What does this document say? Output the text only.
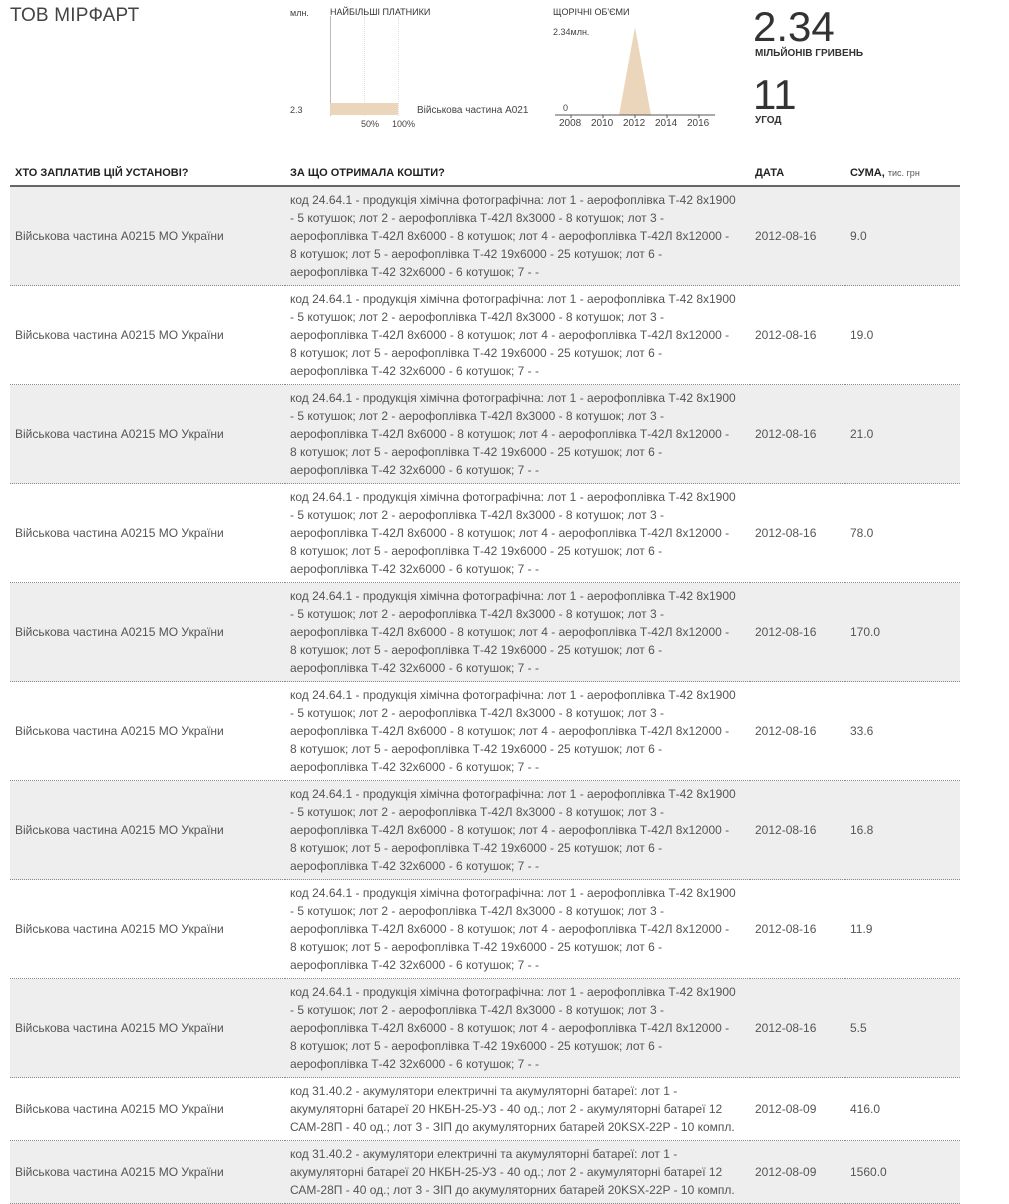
ТОВ МІРФАРТ	НАЙБІЛЬШІ ПЛАТНИКИ
млн.
2.3	Військова частина А021
50% 100%
ЩОРІЧНІ ОБ'ЄМИ
2.34млн.
0
2008 2010 2012 2014 2016
2.34
МІЛЬЙОНІВ ГРИВЕНЬ
11
УГОД
ХТО ЗАПЛАТИВ ЦІЙ УСТАНОВІ?	ЗА ЩО ОТРИМАЛА КОШТИ?	ДАТА	СУМА, тис. грн
Військова частина А0215 МО України	код 24.64.1 - продукція хімічна фотографічна: лот 1 - аерофоплівка Т-42 8х1900 - 5 котушок; лот 2 - аерофоплівка Т-42Л 8х3000 - 8 котушок; лот 3 - аерофоплівка Т-42Л 8х6000 - 8 котушок; лот 4 - аерофоплівка Т-42Л 8х12000 - 8 котушок; лот 5 - аерофоплівка Т-42 19х6000 - 25 котушок; лот 6 - аерофоплівка Т-42 32х6000 - 6 котушок; 7 - -	2012-08-16	9.0
Військова частина А0215 МО України	код 24.64.1 - продукція хімічна фотографічна: лот 1 - аерофоплівка Т-42 8х1900 - 5 котушок; лот 2 - аерофоплівка Т-42Л 8х3000 - 8 котушок; лот 3 - аерофоплівка Т-42Л 8х6000 - 8 котушок; лот 4 - аерофоплівка Т-42Л 8х12000 - 8 котушок; лот 5 - аерофоплівка Т-42 19х6000 - 25 котушок; лот 6 - аерофоплівка Т-42 32х6000 - 6 котушок; 7 - -	2012-08-16	19.0
Військова частина А0215 МО України	код 24.64.1 - продукція хімічна фотографічна: лот 1 - аерофоплівка Т-42 8х1900 - 5 котушок; лот 2 - аерофоплівка Т-42Л 8х3000 - 8 котушок; лот 3 - аерофоплівка Т-42Л 8х6000 - 8 котушок; лот 4 - аерофоплівка Т-42Л 8х12000 - 8 котушок; лот 5 - аерофоплівка Т-42 19х6000 - 25 котушок; лот 6 - аерофоплівка Т-42 32х6000 - 6 котушок; 7 - -	2012-08-16	21.0
Військова частина А0215 МО України	код 24.64.1 - продукція хімічна фотографічна: лот 1 - аерофоплівка Т-42 8х1900 - 5 котушок; лот 2 - аерофоплівка Т-42Л 8х3000 - 8 котушок; лот 3 - аерофоплівка Т-42Л 8х6000 - 8 котушок; лот 4 - аерофоплівка Т-42Л 8х12000 - 8 котушок; лот 5 - аерофоплівка Т-42 19х6000 - 25 котушок; лот 6 - аерофоплівка Т-42 32х6000 - 6 котушок; 7 - -	2012-08-16	78.0
Військова частина А0215 МО України	код 24.64.1 - продукція хімічна фотографічна: лот 1 - аерофоплівка Т-42 8х1900 - 5 котушок; лот 2 - аерофоплівка Т-42Л 8х3000 - 8 котушок; лот 3 - аерофоплівка Т-42Л 8х6000 - 8 котушок; лот 4 - аерофоплівка Т-42Л 8х12000 - 8 котушок; лот 5 - аерофоплівка Т-42 19х6000 - 25 котушок; лот 6 - аерофоплівка Т-42 32х6000 - 6 котушок; 7 - -	2012-08-16	170.0
Військова частина А0215 МО України	код 24.64.1 - продукція хімічна фотографічна: лот 1 - аерофоплівка Т-42 8х1900 - 5 котушок; лот 2 - аерофоплівка Т-42Л 8х3000 - 8 котушок; лот 3 - аерофоплівка Т-42Л 8х6000 - 8 котушок; лот 4 - аерофоплівка Т-42Л 8х12000 - 8 котушок; лот 5 - аерофоплівка Т-42 19х6000 - 25 котушок; лот 6 - аерофоплівка Т-42 32х6000 - 6 котушок; 7 - -	2012-08-16	33.6
Військова частина А0215 МО України	код 24.64.1 - продукція хімічна фотографічна: лот 1 - аерофоплівка Т-42 8х1900 - 5 котушок; лот 2 - аерофоплівка Т-42Л 8х3000 - 8 котушок; лот 3 - аерофоплівка Т-42Л 8х6000 - 8 котушок; лот 4 - аерофоплівка Т-42Л 8х12000 - 8 котушок; лот 5 - аерофоплівка Т-42 19х6000 - 25 котушок; лот 6 - аерофоплівка Т-42 32х6000 - 6 котушок; 7 - -	2012-08-16	16.8
Військова частина А0215 МО України	код 24.64.1 - продукція хімічна фотографічна: лот 1 - аерофоплівка Т-42 8х1900 - 5 котушок; лот 2 - аерофоплівка Т-42Л 8х3000 - 8 котушок; лот 3 - аерофоплівка Т-42Л 8х6000 - 8 котушок; лот 4 - аерофоплівка Т-42Л 8х12000 - 8 котушок; лот 5 - аерофоплівка Т-42 19х6000 - 25 котушок; лот 6 - аерофоплівка Т-42 32х6000 - 6 котушок; 7 - -	2012-08-16	11.9
Військова частина А0215 МО України	код 24.64.1 - продукція хімічна фотографічна: лот 1 - аерофоплівка Т-42 8х1900 - 5 котушок; лот 2 - аерофоплівка Т-42Л 8х3000 - 8 котушок; лот 3 - аерофоплівка Т-42Л 8х6000 - 8 котушок; лот 4 - аерофоплівка Т-42Л 8х12000 - 8 котушок; лот 5 - аерофоплівка Т-42 19х6000 - 25 котушок; лот 6 - аерофоплівка Т-42 32х6000 - 6 котушок; 7 - -	2012-08-16	5.5
Військова частина А0215 МО України	код 31.40.2 - акумулятори електричні та акумуляторні батареї: лот 1 - акумуляторні батареї 20 НКБН-25-У3 - 40 од.; лот 2 - акумуляторні батареї 12 САМ-28П - 40 од.; лот 3 - ЗІП до акумуляторних батарей 20KSX-22P - 10 компл.	2012-08-09	416.0
Військова частина А0215 МО України	код 31.40.2 - акумулятори електричні та акумуляторні батареї: лот 1 - акумуляторні батареї 20 НКБН-25-У3 - 40 од.; лот 2 - акумуляторні батареї 12 САМ-28П - 40 од.; лот 3 - ЗІП до акумуляторних батарей 20KSX-22P - 10 компл.	2012-08-09	1560.0
